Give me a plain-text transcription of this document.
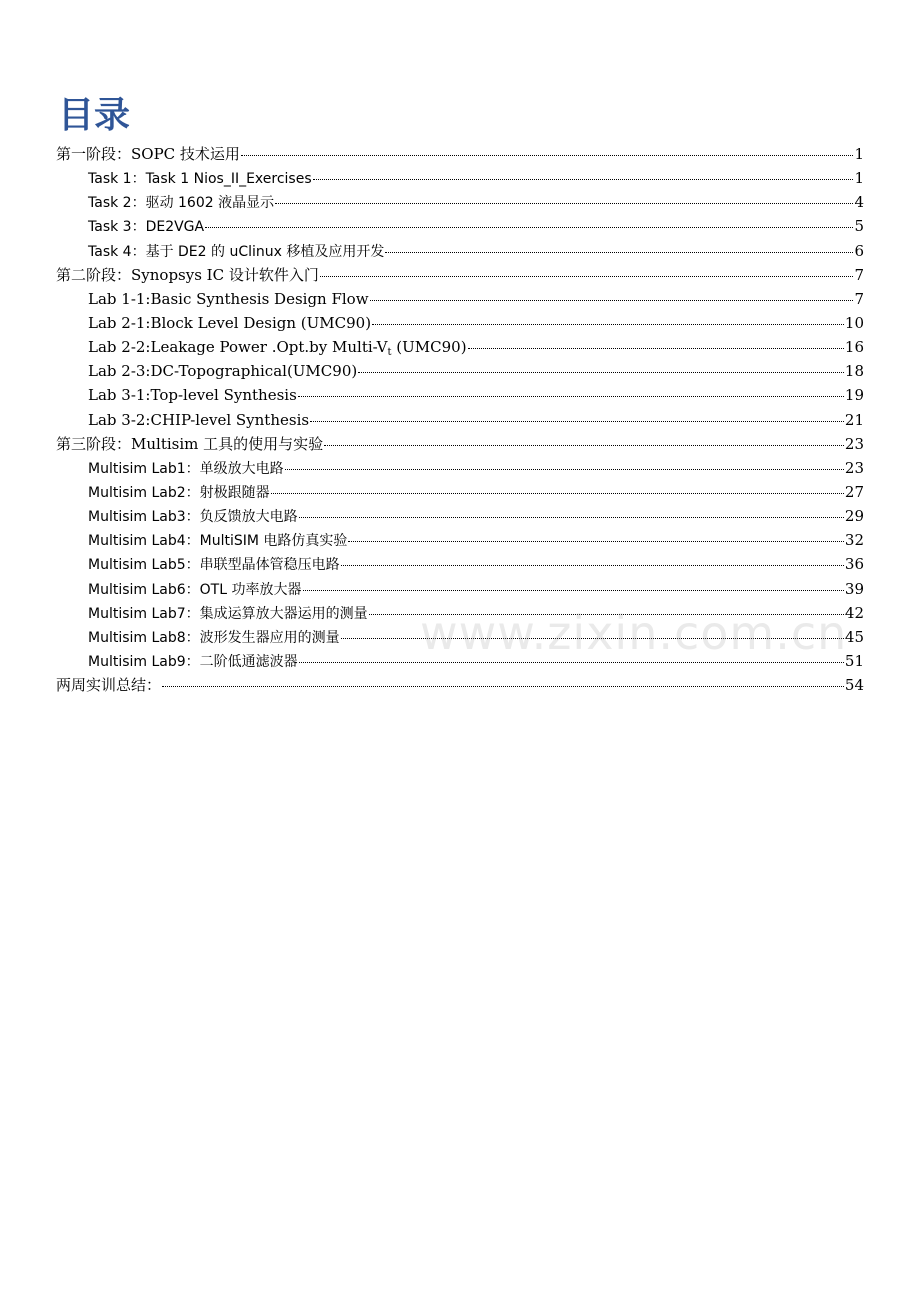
目录
第一阶段：SOPC 技术运用	1
Task 1：Task 1 Nios_II_Exercises	1
Task 2：驱动 1602 液晶显示	4
Task 3：DE2VGA	5
Task 4：基于 DE2 的 uClinux 移植及应用开发	6
第二阶段：Synopsys IC 设计软件入门	7
Lab 1-1:Basic Synthesis Design Flow	7
Lab 2-1:Block Level Design (UMC90)	10
Lab 2-2:Leakage Power .Opt.by Multi-$V_t$ (UMC90)	16
Lab 2-3:DC-Topographical(UMC90)	18
Lab 3-1:Top-level Synthesis	19
Lab 3-2:CHIP-level Synthesis	21
第三阶段：Multisim 工具的使用与实验	23
Multisim Lab1：单级放大电路	23
Multisim Lab2：射极跟随器	27
Multisim Lab3：负反馈放大电路	29
Multisim Lab4：MultiSIM 电路仿真实验	32
Multisim Lab5：串联型晶体管稳压电路	36
Multisim Lab6：OTL 功率放大器	39
Multisim Lab7：集成运算放大器运用的测量	42
Multisim Lab8：波形发生器应用的测量	45
Multisim Lab9：二阶低通滤波器	51
两周实训总结：	54
www.zixin.com.cn
